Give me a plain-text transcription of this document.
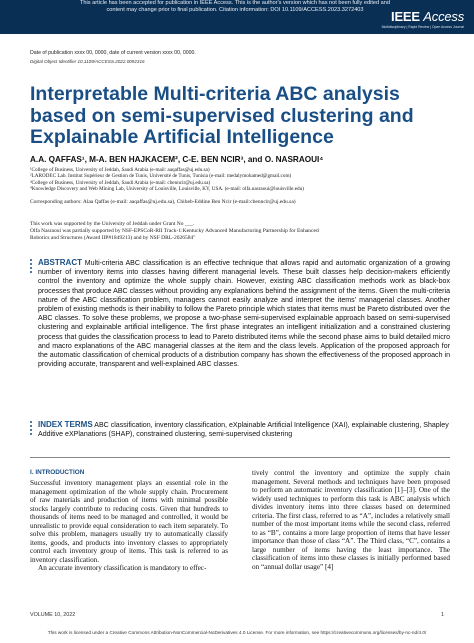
This article has been accepted for publication in IEEE Access. This is the author's version which has not been fully edited and
content may change prior to final publication. Citation information: DOI 10.1109/ACCESS.2023.3272403	IEEE Access
Multidisciplinary | Rapid Review | Open Access Journal
Date of publication xxxx 00, 0000, date of current version xxxx 00, 0000.
Digital Object Identifier 10.1109/ACCESS.2022.0092316
Interpretable Multi-criteria ABC analysis based on semi-supervised clustering and Explainable Artificial Intelligence
A.A. QAFFAS¹, M-A. BEN HAJKACEM², C-E. BEN NCIR³, and O. NASRAOUI⁴
¹College of Business, University of Jeddah, Saudi Arabia (e-mail: aaqaffas@uj.edu.sa)
²LARODEC Lab. Institut Supérieur de Gestion de Tunis, Université de Tunis, Tunisia (e-mail: medalymohamed@gmail.com)
³College of Business, University of Jeddah, Saudi Arabia (e-mail: cbenncir@uj.edu.sa)
⁴Knowledge Discovery and Web Mining Lab, University of Louisville, Louisville, KY, USA. (e-mail: olfa.nasraoui@louisville.edu)
Corresponding authors: Alaa Qaffas (e-mail: aaqaffas@uj.edu.sa), Chiheb-Eddine Ben Ncir (e-mail:cbenncir@uj.edu.sa)
This work was supported by the University of Jeddah under Grant No ___.
Olfa Nasraoui was partially supported by NSF-EPSCoR-RII Track-1:Kentucky Advanced Manufacturing Partnership for Enhanced
Robotics and Structures (Award IIP#1849213) and by NSF DRL-2026584"

ABSTRACT Multi-criteria ABC classification is an effective technique that allows rapid and automatic organization of a growing number of inventory items into classes having different managerial levels. These built classes help decision-makers efficiently control the inventory and optimize the whole supply chain. However, existing ABC classification methods work as black-box processes that produce ABC classes without providing any explanations behind the assignment of the items. Given the multi-criteria nature of the ABC classification problem, managers cannot easily analyze and interpret the items' managerial classes. Another problem of existing methods is their inability to follow the Pareto principle which states that items must be Pareto distributed over the ABC classes. To solve these problems, we propose a two-phase semi-supervised explainable approach based on semi-supervised clustering and explainable artificial intelligence. The first phase integrates an intelligent initialization and a constrained clustering process that guides the classification process to lead to Pareto distributed items while the second phase aims to build detailed micro and macro explanations of the ABC managerial classes at the item and the class levels. Application of the proposed approach for the automatic classification of chemical products of a distribution company has shown the effectiveness of the proposed approach in providing accurate, transparent and well-explained ABC classes.

INDEX TERMS ABC classification, inventory classification, eXplainable Artificial Intelligence (XAI), explainable clustering, Shapley Additive eXPlanations (SHAP), constrained clustering, semi-supervised clustering

I. INTRODUCTION

Successful inventory management plays an essential role in the management optimization of the whole supply chain. Procurement of raw materials and production of items with minimal possible stocks largely contribute to reducing costs. Given that hundreds to thousands of items need to be managed and controlled, it would be unrealistic to provide equal consideration to each item separately. To solve this problem, managers usually try to automatically classify items, goods, and products into inventory classes to appropriately control each inventory group of items. This task is referred to as inventory classification.

An accurate inventory classification is mandatory to effec-

tively control the inventory and optimize the supply chain management. Several methods and techniques have been proposed to perform an automatic inventory classification [1]–[3]. One of the widely used techniques to perform this task is ABC analysis which divides inventory items into three classes based on determined criteria. The first class, referred to as “A”, includes a relatively small number of the most important items while the second class, referred to as “B”, contains a more large proportion of items that have lesser importance than those of class “A”. The Third class, “C”, contains a large number of items having the least importance. The classification of items into these classes is initially performed based on “annual dollar usage” [4]

VOLUME 10, 2022	1
This work is licensed under a Creative Commons Attribution-NonCommercial-NoDerivatives 4.0 License. For more information, see https://creativecommons.org/licenses/by-nc-nd/4.0/
